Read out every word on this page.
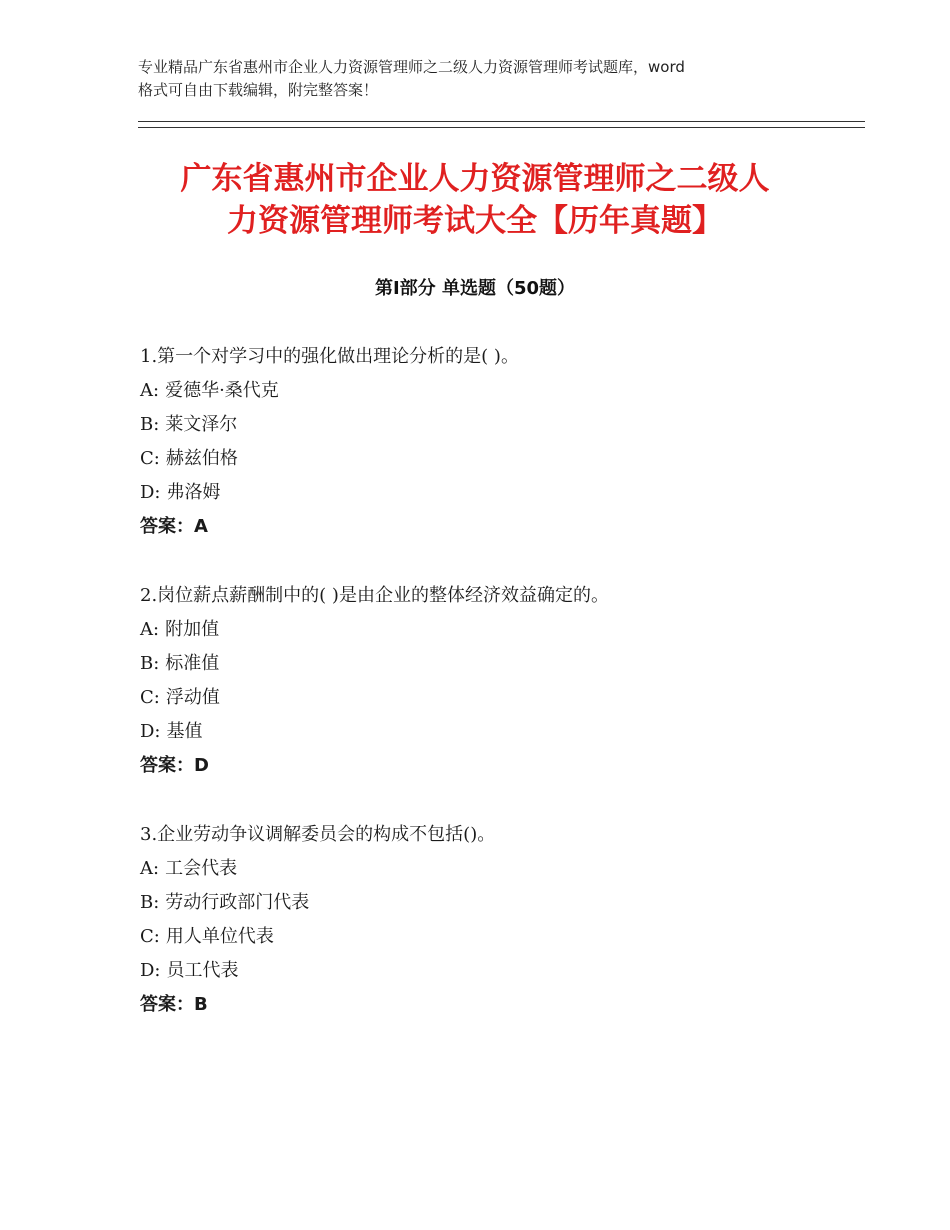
专业精品广东省惠州市企业人力资源管理师之二级人力资源管理师考试题库，word
格式可自由下载编辑，附完整答案！
广东省惠州市企业人力资源管理师之二级人
力资源管理师考试大全【历年真题】
第Ⅰ部分 单选题（50题）
1.第一个对学习中的强化做出理论分析的是( )。
A: 爱德华·桑代克
B: 莱文泽尔
C: 赫兹伯格
D: 弗洛姆
答案：A
2.岗位薪点薪酬制中的( )是由企业的整体经济效益确定的。
A: 附加值
B: 标准值
C: 浮动值
D: 基值
答案：D
3.企业劳动争议调解委员会的构成不包括()。
A: 工会代表
B: 劳动行政部门代表
C: 用人单位代表
D: 员工代表
答案：B
